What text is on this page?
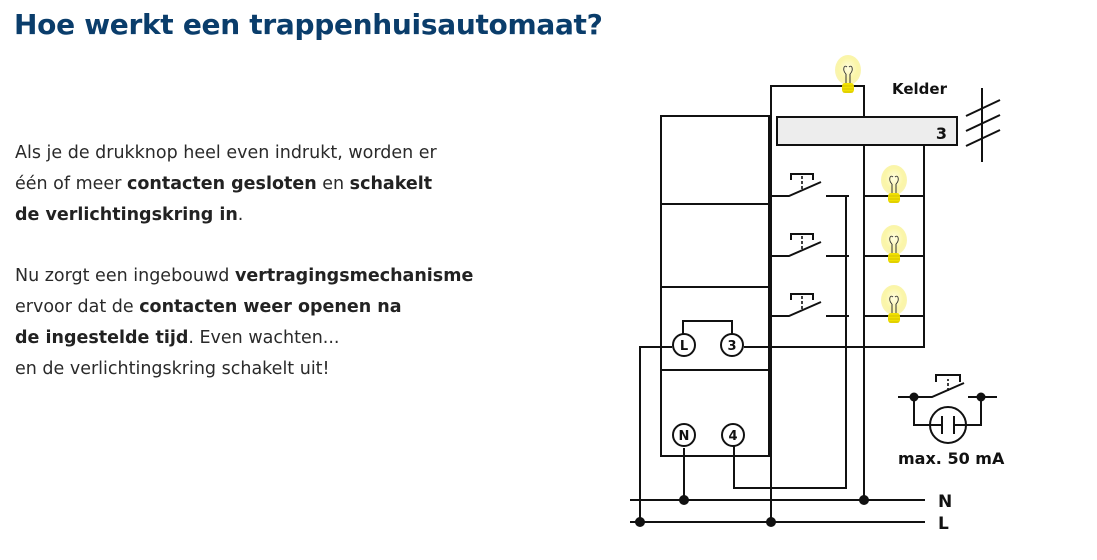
Hoe werkt een trappenhuisautomaat?

Als je de drukknop heel even indrukt, worden er
één of meer contacten gesloten en schakelt
de verlichtingskring in.

Nu zorgt een ingebouwd vertragingsmechanisme
ervoor dat de contacten weer openen na
de ingestelde tijd. Even wachten...
en de verlichtingskring schakelt uit!

3
Kelder
L	3
N	4
N
L
max. 50 mA
